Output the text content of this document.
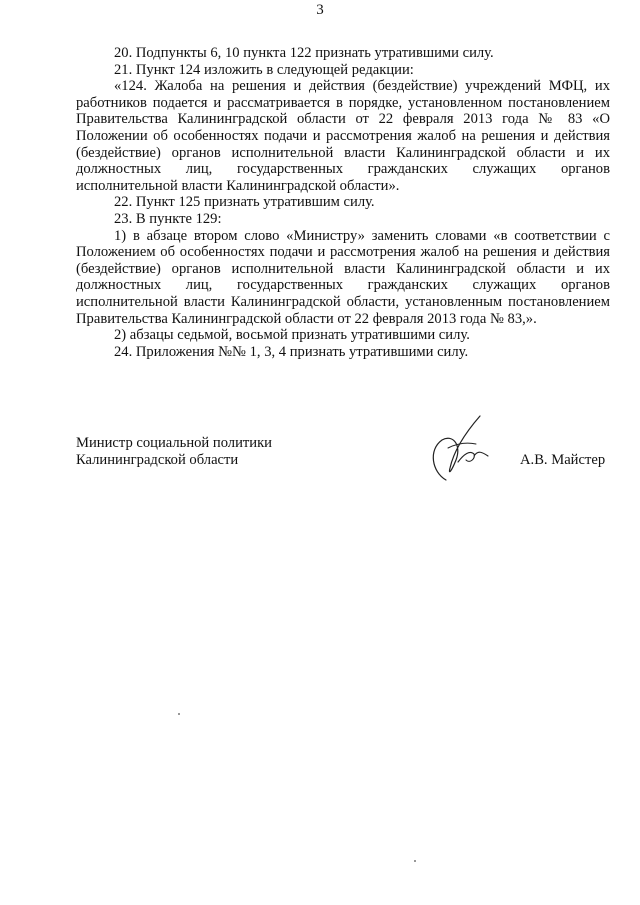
3

20. Подпункты 6, 10 пункта 122 признать утратившими силу.

21. Пункт 124 изложить в следующей редакции:

«124. Жалоба на решения и действия (бездействие) учреждений МФЦ, их работников подается и рассматривается в порядке, установленном постановлением Правительства Калининградской области от 22 февраля 2013 года № 83 «О Положении об особенностях подачи и рассмотрения жалоб на решения и действия (бездействие) органов исполнительной власти Калининградской области и их должностных лиц, государственных гражданских служащих органов исполнительной власти Калининградской области».

22. Пункт 125 признать утратившим силу.

23. В пункте 129:

1) в абзаце втором слово «Министру» заменить словами «в соответствии с Положением об особенностях подачи и рассмотрения жалоб на решения и действия (бездействие) органов исполнительной власти Калининградской области и их должностных лиц, государственных гражданских служащих органов исполнительной власти Калининградской области, установленным постановлением Правительства Калининградской области от 22 февраля 2013 года № 83,».

2) абзацы седьмой, восьмой признать утратившими силу.

24. Приложения №№ 1, 3, 4 признать утратившими силу.

Министр социальной политики
Калининградской области	А.В. Майстер
